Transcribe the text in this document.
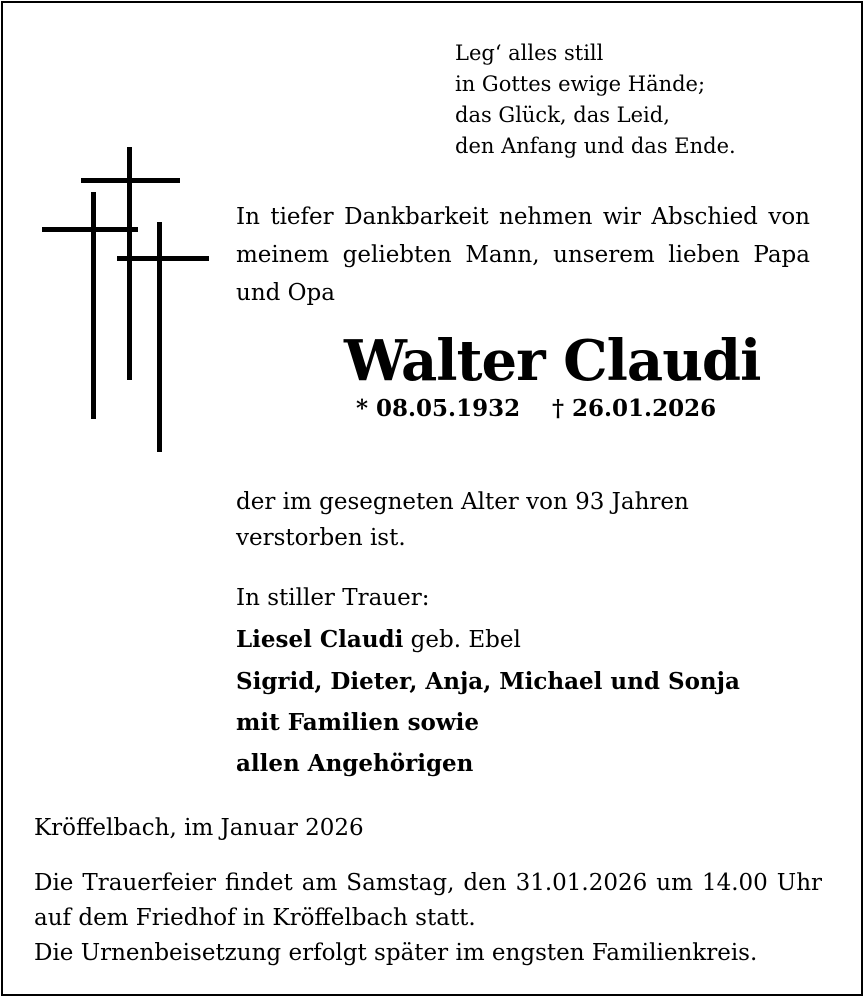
Leg‘ alles still
in Gottes ewige Hände;
das Glück, das Leid,
den Anfang und das Ende.
In tiefer Dankbarkeit nehmen wir Abschied von meinem geliebten Mann, unserem lieben Papa und Opa
Walter Claudi
* 08.05.1932 † 26.01.2026
der im gesegneten Alter von 93 Jahren
verstorben ist.
In stiller Trauer:
Liesel Claudi geb. Ebel
Sigrid, Dieter, Anja, Michael und Sonja
mit Familien sowie
allen Angehörigen
Kröffelbach, im Januar 2026
Die Trauerfeier findet am Samstag, den 31.01.2026 um 14.00 Uhr
auf dem Friedhof in Kröffelbach statt.
Die Urnenbeisetzung erfolgt später im engsten Familienkreis.
